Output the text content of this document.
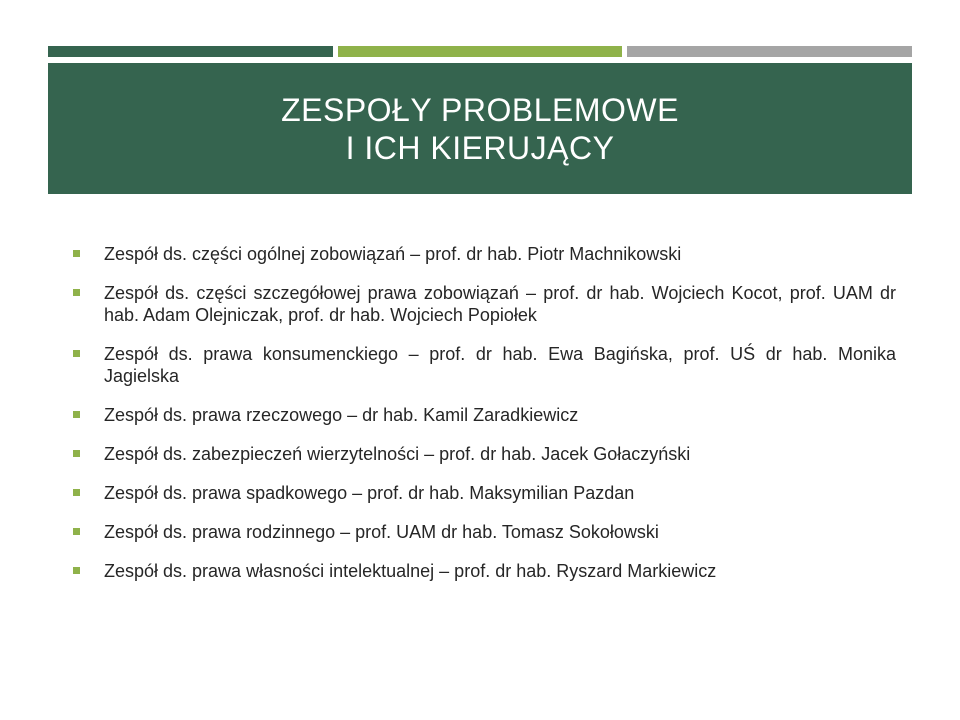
ZESPOŁY PROBLEMOWE
I ICH KIERUJĄCY
Zespół ds. części ogólnej zobowiązań – prof. dr hab. Piotr Machnikowski
Zespół ds. części szczegółowej prawa zobowiązań – prof. dr hab. Wojciech Kocot, prof. UAM dr hab. Adam Olejniczak, prof. dr hab. Wojciech Popiołek
Zespół ds. prawa konsumenckiego – prof. dr hab. Ewa Bagińska, prof. UŚ dr hab. Monika Jagielska
Zespół ds. prawa rzeczowego – dr hab. Kamil Zaradkiewicz
Zespół ds. zabezpieczeń wierzytelności – prof. dr hab. Jacek Gołaczyński
Zespół ds. prawa spadkowego – prof. dr hab. Maksymilian Pazdan
Zespół ds. prawa rodzinnego – prof. UAM dr hab. Tomasz Sokołowski
Zespół ds. prawa własności intelektualnej – prof. dr hab. Ryszard Markiewicz
